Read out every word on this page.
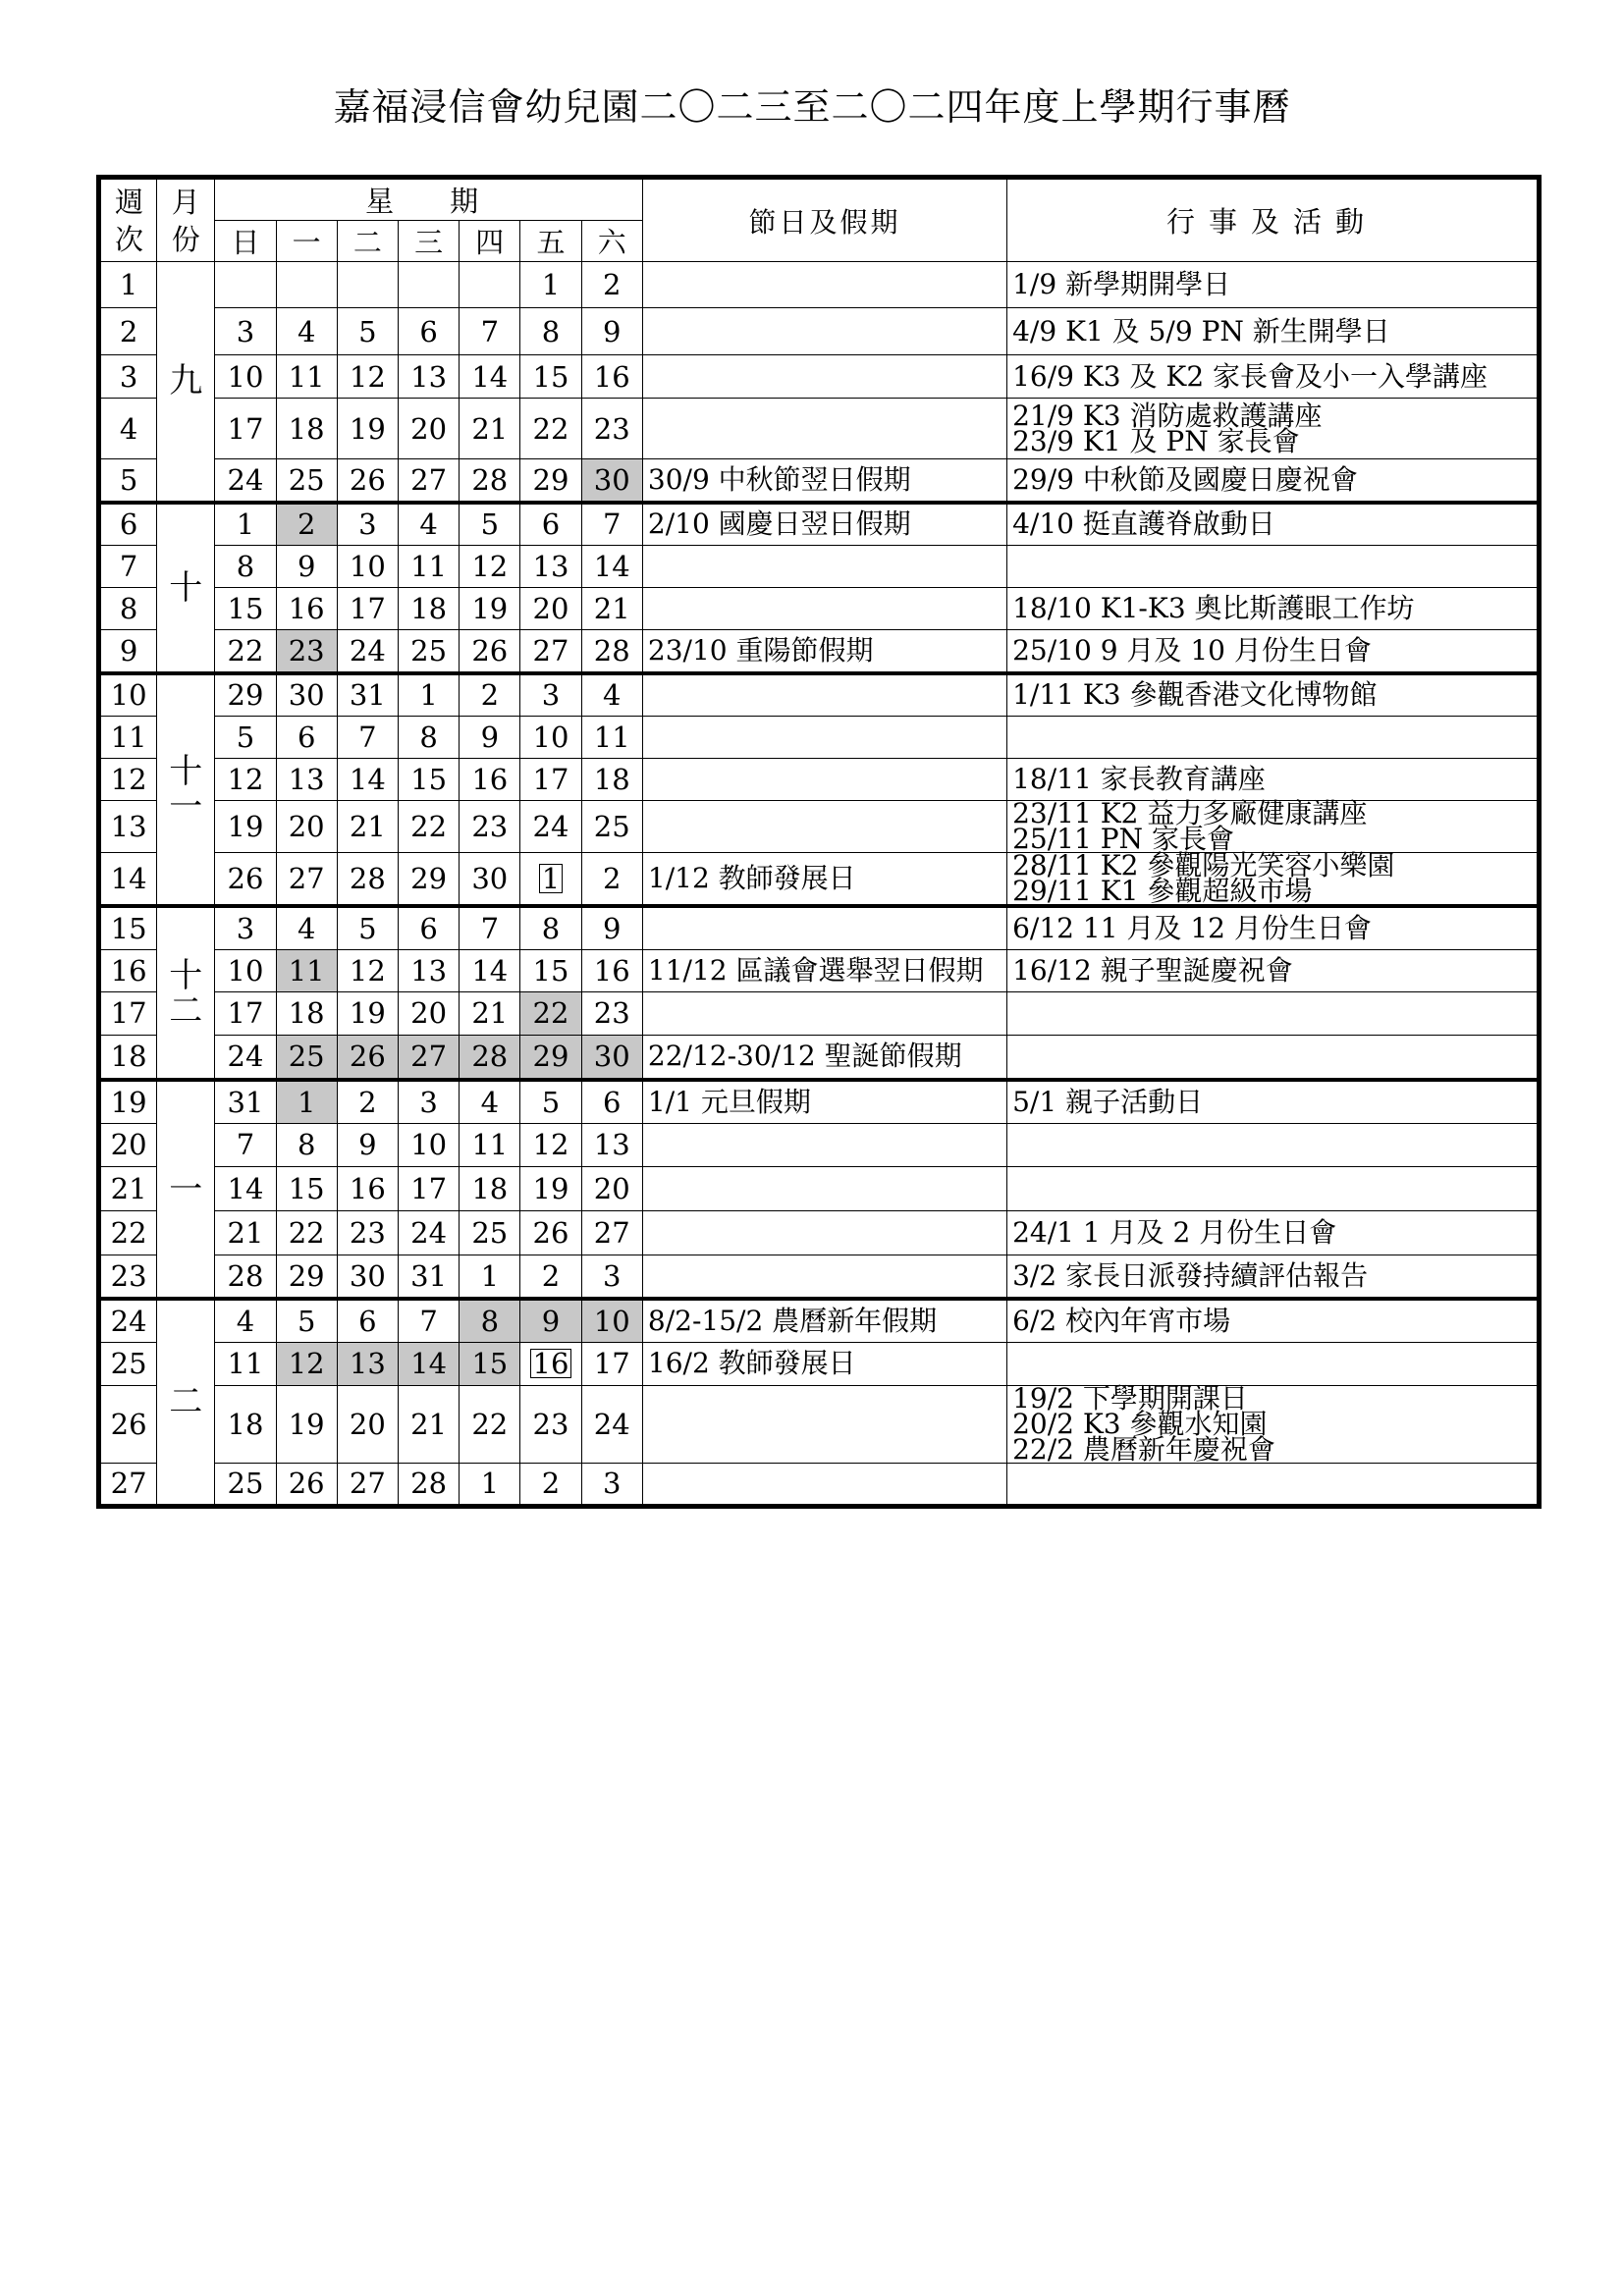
嘉福浸信會幼兒園二〇二三至二〇二四年度上學期行事曆
週次	月份	星　期							節日及假期	行事及活動
		日	一	二	三	四	五	六		
1	九						1	2		1/9 新學期開學日

2		3	4	5	6	7	8	9		4/9 K1 及 5/9 PN 新生開學日

3		10	11	12	13	14	15	16		16/9 K3 及 K2 家長會及小一入學講座

4		17	18	19	20	21	22	23		21/9 K3 消防處救護講座
23/9 K1 及 PN 家長會

5		24	25	26	27	28	29	30	30/9 中秋節翌日假期	29/9 中秋節及國慶日慶祝會

6	十	1	2	3	4	5	6	7	2/10 國慶日翌日假期	4/10 挺直護脊啟動日

7		8	9	10	11	12	13	14		
8		15	16	17	18	19	20	21		18/10 K1-K3 奧比斯護眼工作坊

9		22	23	24	25	26	27	28	23/10 重陽節假期	25/10 9 月及 10 月份生日會

10	十一	29	30	31	1	2	3	4		1/11 K3 參觀香港文化博物館

11		5	6	7	8	9	10	11		
12		12	13	14	15	16	17	18		18/11 家長教育講座

13		19	20	21	22	23	24	25		23/11 K2 益力多廠健康講座
25/11 PN 家長會

14		26	27	28	29	30	1	2	1/12 教師發展日	28/11 K2 參觀陽光笑容小樂園
29/11 K1 參觀超級市場

15	十二	3	4	5	6	7	8	9		6/12 11 月及 12 月份生日會

16		10	11	12	13	14	15	16	11/12 區議會選舉翌日假期	16/12 親子聖誕慶祝會

17		17	18	19	20	21	22	23		
18		24	25	26	27	28	29	30	22/12-30/12 聖誕節假期	
19	一	31	1	2	3	4	5	6	1/1 元旦假期	5/1 親子活動日

20		7	8	9	10	11	12	13		
21		14	15	16	17	18	19	20		
22		21	22	23	24	25	26	27		24/1 1 月及 2 月份生日會

23		28	29	30	31	1	2	3		3/2 家長日派發持續評估報告

24	二	4	5	6	7	8	9	10	8/2-15/2 農曆新年假期	6/2 校內年宵市場

25		11	12	13	14	15	16	17	16/2 教師發展日	
26		18	19	20	21	22	23	24		19/2 下學期開課日
20/2 K3 參觀水知園
22/2 農曆新年慶祝會

27		25	26	27	28	1	2	3		
